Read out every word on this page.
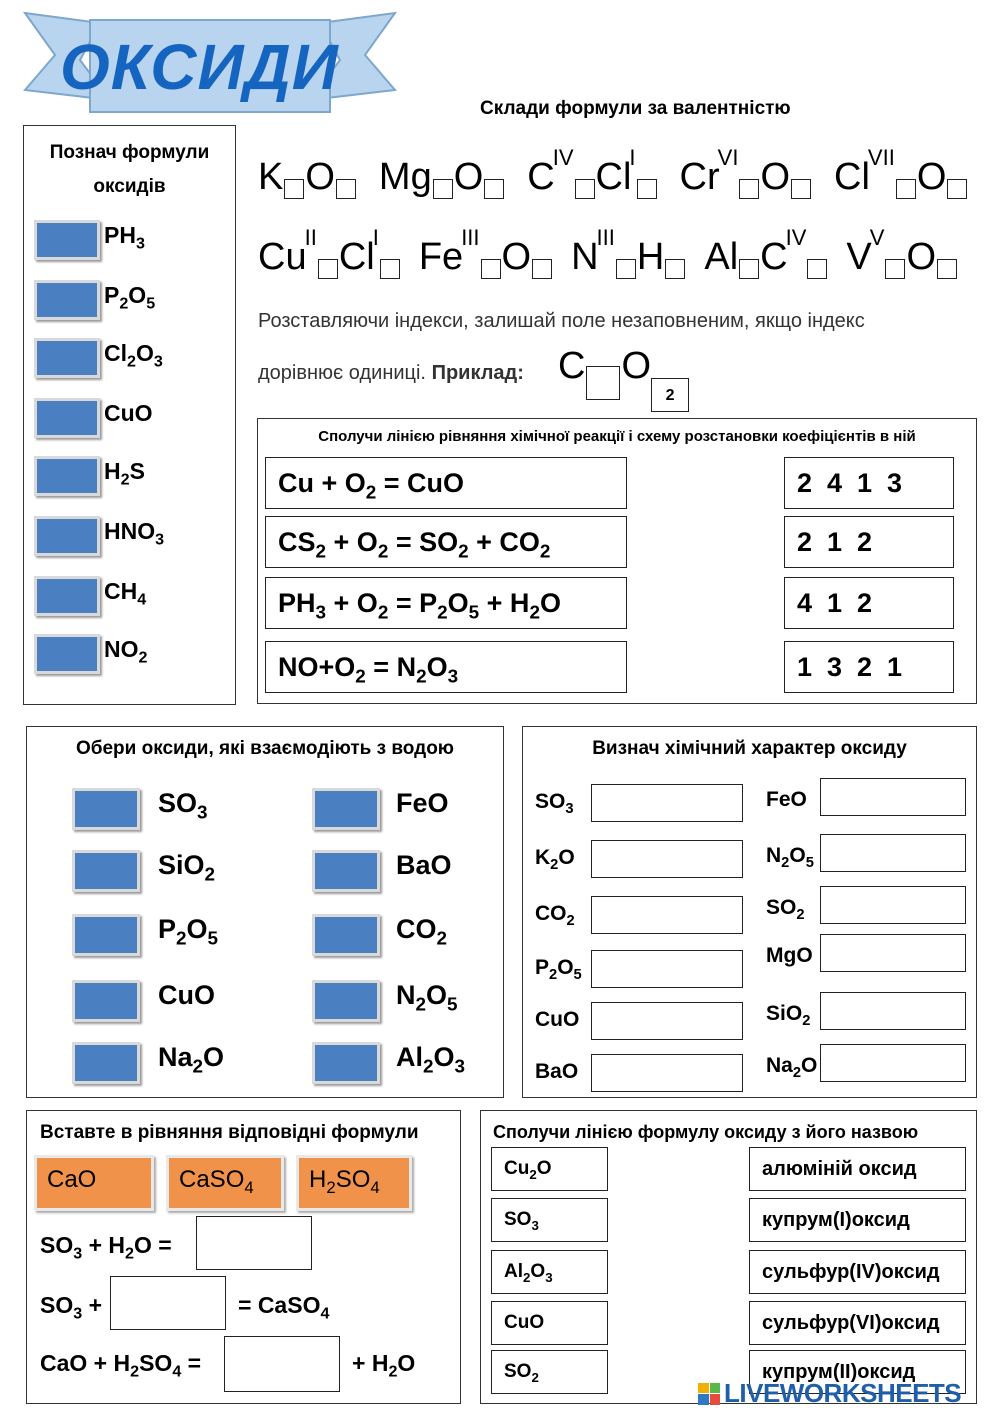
ОКСИДИ
Склади формули за валентністю
K O Mg O $C^{IV}$ $Cl^I$ $Cr^{VI}$ O $Cl^{VII}$ O
$Cu^{II}$ $Cl^I$ $Fe^{III}$ O $N^{III}$ H Al $C^{IV}$ $V^V$ O
Розставляючи індекси, залишай поле незаповненим, якщо індекс
дорівнює одиниці. Приклад: C O2
Познач формули
оксидів
$PH_3$
$P_2O_5$
$Cl_2O_3$
CuO
$H_2S$
$HNO_3$
$CH_4$
$NO_2$
Сполучи лінією рівняння хімічної реакції і схему розстановки коефіцієнтів в ній
$Cu + O_2$ = CuO	2  4  1  3
$CS_2 + O_2 = SO_2 + CO_2$	2  1  2
$PH_3 + O_2 = P_2O_5 + H_2O$	4  1  2
$NO+O_2 = N_2O_3$	1  3  2  1
Обери оксиди, які взаємодіють з водою
$SO_3$
SiO$_2$
$P_2O_5$
CuO
$Na_2O$
FeO
BaO
$CO_2$
$N_2O_5$
$Al_2O_3$
Визнач хімічний характер оксиду
$SO_3$
$K_2O$
$CO_2$
$P_2O_5$
CuO
BaO
FeO
$N_2O_5$
$SO_2$
MgO
SiO$_2$
$Na_2O$
Вставте в рівняння відповідні формули
CaO	CaSO$_4$	$H_2SO_4$
$SO_3 + H_2O$ =
$SO_3$ +	= CaSO$_4$
CaO + $H_2SO_4$ =	+ $H_2O$
Сполучи лінією формулу оксиду з його назвою
$Cu_2O$
$SO_3$
$Al_2O_3$
CuO
$SO_2$
алюміній оксид
купрум(I)оксид
сульфур(IV)оксид
сульфур(VI)оксид
купрум(II)оксид
LIVEWORKSHEETS
